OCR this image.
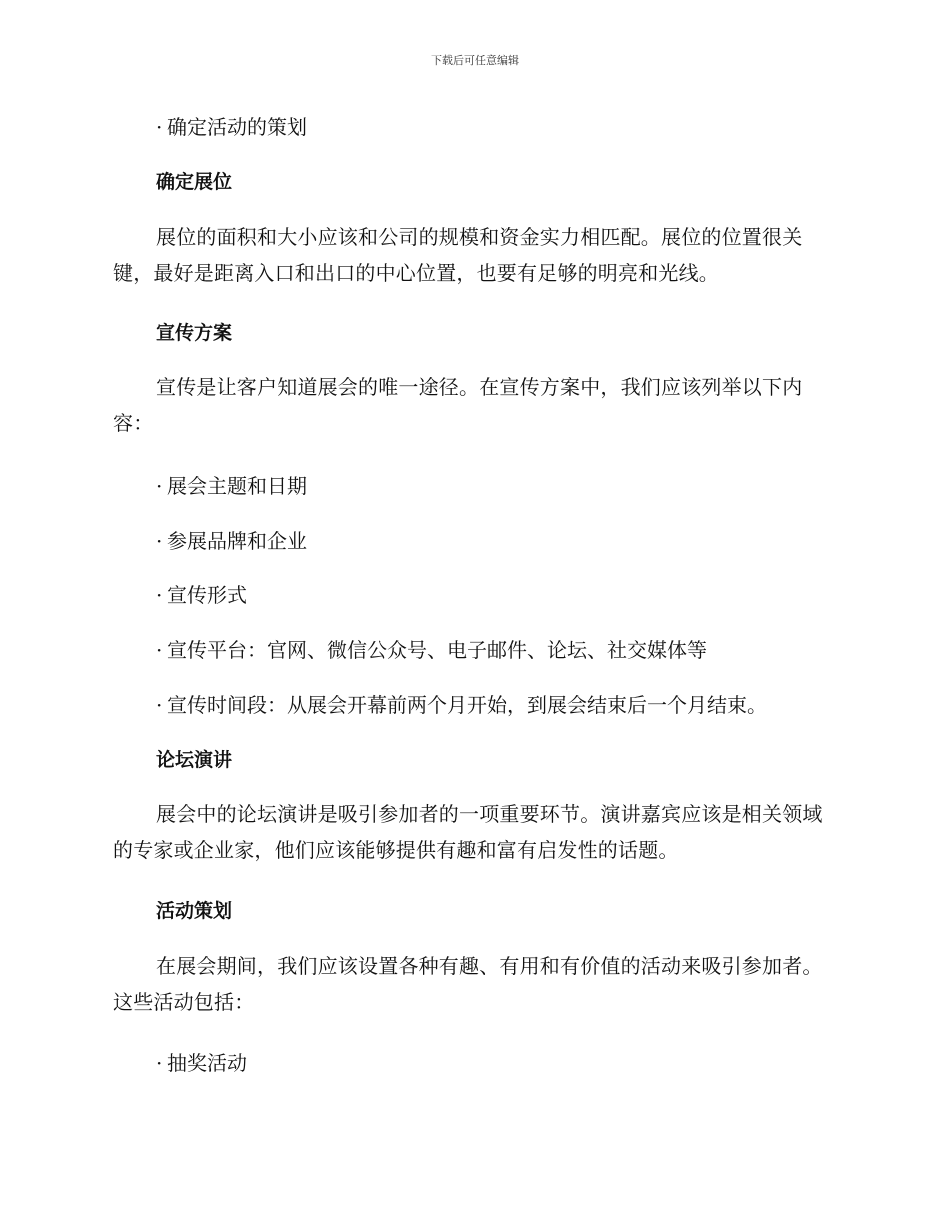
下载后可任意编辑
· 确定活动的策划
确定展位
展位的面积和大小应该和公司的规模和资金实力相匹配。展位的位置很关键，最好是距离入口和出口的中心位置，也要有足够的明亮和光线。
宣传方案
宣传是让客户知道展会的唯一途径。在宣传方案中，我们应该列举以下内容：
· 展会主题和日期
· 参展品牌和企业
· 宣传形式
· 宣传平台：官网、微信公众号、电子邮件、论坛、社交媒体等
· 宣传时间段：从展会开幕前两个月开始，到展会结束后一个月结束。
论坛演讲
展会中的论坛演讲是吸引参加者的一项重要环节。演讲嘉宾应该是相关领域的专家或企业家，他们应该能够提供有趣和富有启发性的话题。
活动策划
在展会期间，我们应该设置各种有趣、有用和有价值的活动来吸引参加者。这些活动包括：
· 抽奖活动
